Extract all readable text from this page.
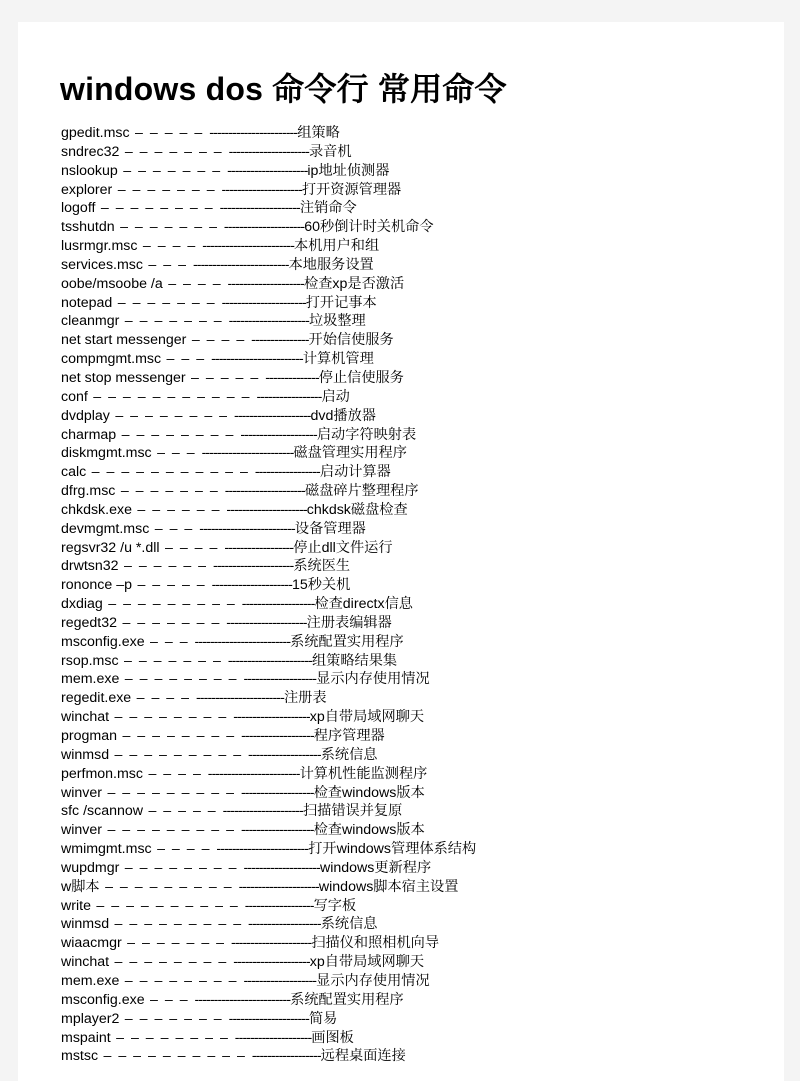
windows dos 命令行 常用命令
gpedit.msc – – – – – -----------------------组策略
sndrec32 – – – – – – – ---------------------录音机
nslookup – – – – – – – ---------------------ip地址侦测器
explorer – – – – – – – ---------------------打开资源管理器
logoff – – – – – – – – ---------------------注销命令
tsshutdn – – – – – – – ---------------------60秒倒计时关机命令
lusrmgr.msc – – – – ------------------------本机用户和组
services.msc – – – -------------------------本地服务设置
oobe/msoobe /a – – – – --------------------检查xp是否激活
notepad – – – – – – – ----------------------打开记事本
cleanmgr – – – – – – – ---------------------垃圾整理
net start messenger – – – – ---------------开始信使服务
compmgmt.msc – – – ------------------------计算机管理
net stop messenger – – – – – --------------停止信使服务
conf – – – – – – – – – – – -----------------启动
dvdplay – – – – – – – – --------------------dvd播放器
charmap – – – – – – – – --------------------启动字符映射表
diskmgmt.msc – – – ------------------------磁盘管理实用程序
calc – – – – – – – – – – – -----------------启动计算器
dfrg.msc – – – – – – – ---------------------磁盘碎片整理程序
chkdsk.exe – – – – – – ---------------------chkdsk磁盘检查
devmgmt.msc – – – -------------------------设备管理器
regsvr32 /u *.dll – – – – ------------------停止dll文件运行
drwtsn32 – – – – – – ---------------------系统医生
rononce –p – – – – – ---------------------15秒关机
dxdiag – – – – – – – – – -------------------检查directx信息
regedt32 – – – – – – – ---------------------注册表编辑器
msconfig.exe – – – -------------------------系统配置实用程序
rsop.msc – – – – – – – ----------------------组策略结果集
mem.exe – – – – – – – – -------------------显示内存使用情况
regedit.exe – – – – -----------------------注册表
winchat – – – – – – – – --------------------xp自带局域网聊天
progman – – – – – – – – -------------------程序管理器
winmsd – – – – – – – – – -------------------系统信息
perfmon.msc – – – – ------------------------计算机性能监测程序
winver – – – – – – – – – -------------------检查windows版本
sfc /scannow – – – – – ---------------------扫描错误并复原
winver – – – – – – – – – -------------------检查windows版本
wmimgmt.msc – – – – ------------------------打开windows管理体系结构
wupdmgr – – – – – – – – --------------------windows更新程序
w脚本 – – – – – – – – – ---------------------windows脚本宿主设置
write – – – – – – – – – – ------------------写字板
winmsd – – – – – – – – – -------------------系统信息
wiaacmgr – – – – – – – ---------------------扫描仪和照相机向导
winchat – – – – – – – – --------------------xp自带局域网聊天
mem.exe – – – – – – – – -------------------显示内存使用情况
msconfig.exe – – – -------------------------系统配置实用程序
mplayer2 – – – – – – – ---------------------简易
mspaint – – – – – – – – --------------------画图板
mstsc – – – – – – – – – – ------------------远程桌面连接
